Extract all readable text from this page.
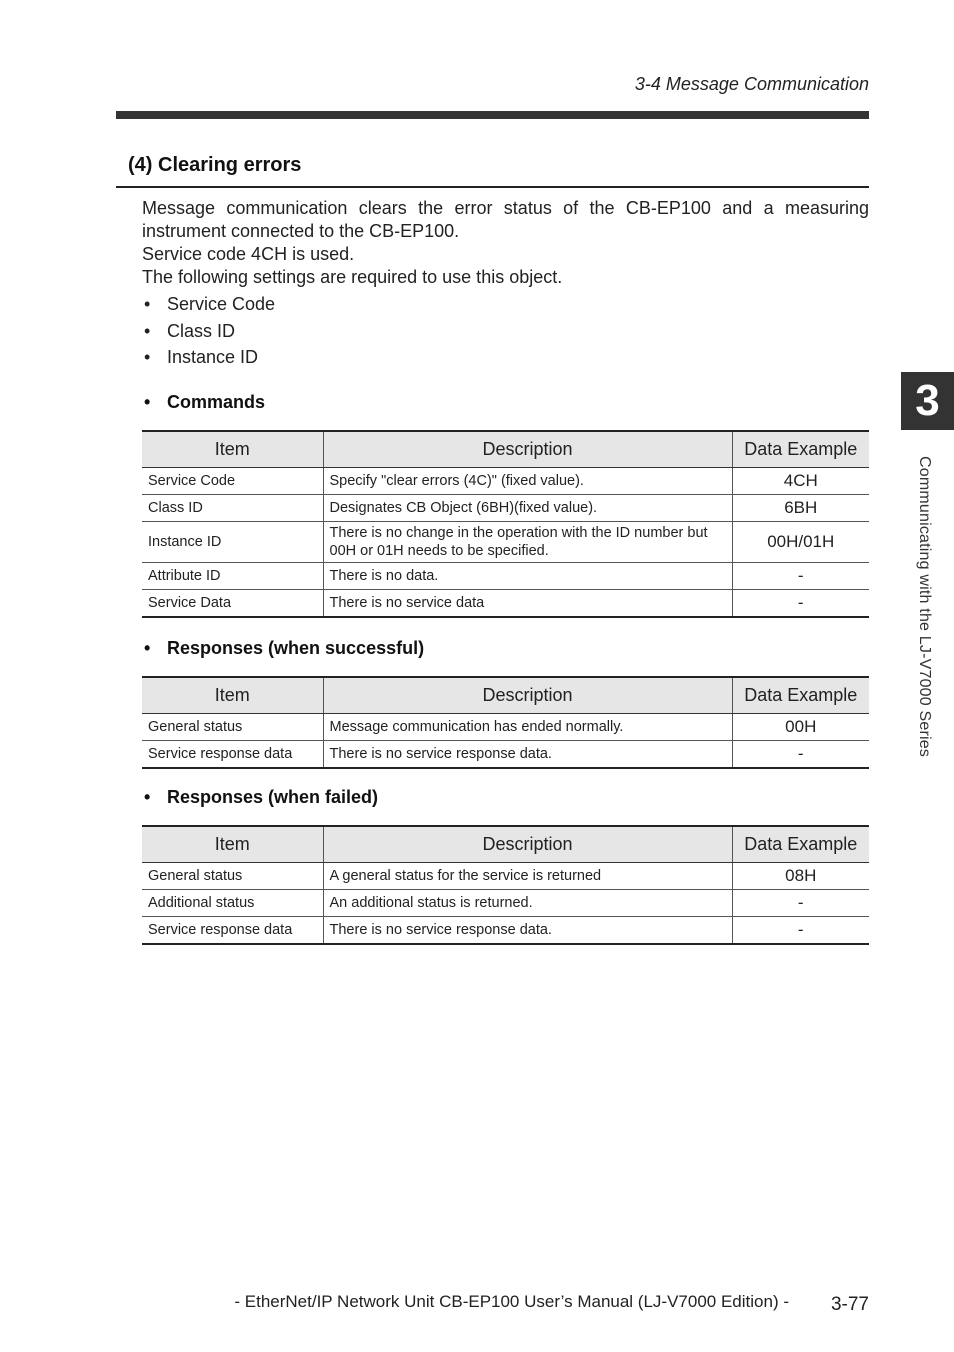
3-4 Message Communication
(4) Clearing errors

Message communication clears the error status of the CB-EP100 and a measuring instrument connected to the CB-EP100.

Service code 4CH is used.

The following settings are required to use this object.

• Service Code
• Class ID
• Instance ID
• Commands
Item	Description	Data Example
Service Code	Specify "clear errors (4C)" (fixed value).	4CH
Class ID	Designates CB Object (6BH)(fixed value).	6BH
Instance ID	There is no change in the operation with the ID number but 00H or 01H needs to be specified.	00H/01H
Attribute ID	There is no data.	-
Service Data	There is no service data	-
• Responses (when successful)
Item	Description	Data Example
General status	Message communication has ended normally.	00H
Service response data	There is no service response data.	-
• Responses (when failed)
Item	Description	Data Example
General status	A general status for the service is returned	08H
Additional status	An additional status is returned.	-
Service response data	There is no service response data.	-
3
Communicating with the LJ-V7000 Series
- EtherNet/IP Network Unit CB-EP100 User’s Manual (LJ-V7000 Edition) - 3-77
